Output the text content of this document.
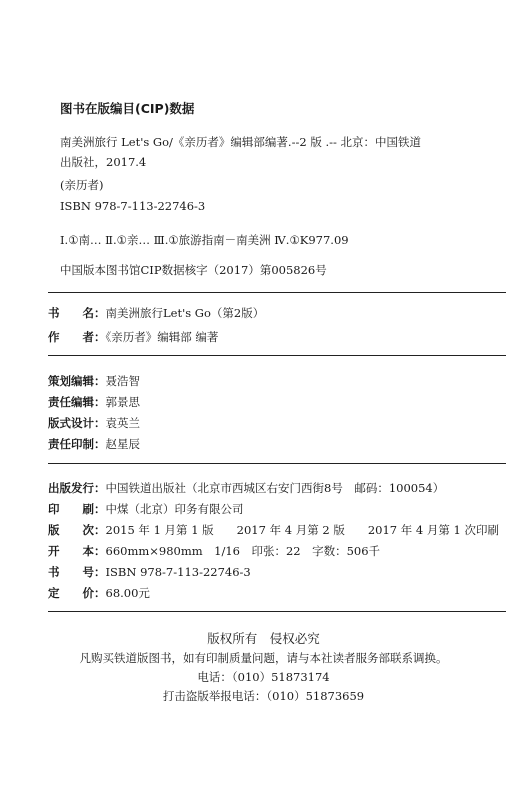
图书在版编目(CIP)数据
南美洲旅行 Let's Go/《亲历者》编辑部编著.--2 版 .-- 北京：中国铁道
出版社，2017.4
(亲历者)
ISBN 978-7-113-22746-3
Ⅰ.①南… Ⅱ.①亲… Ⅲ.①旅游指南－南美洲 Ⅳ.①K977.09
中国版本图书馆CIP数据核字（2017）第005826号
书　　名：南美洲旅行Let's Go（第2版）
作　　者：《亲历者》编辑部 编著
策划编辑：聂浩智
责任编辑：郭景思
版式设计：袁英兰
责任印制：赵星辰
出版发行：中国铁道出版社（北京市西城区右安门西街8号　邮码：100054）
印　　刷：中煤（北京）印务有限公司
版　　次：2015 年 1 月第 1 版　　2017 年 4 月第 2 版　　2017 年 4 月第 1 次印刷
开　　本：660mm×980mm　1/16　印张：22　字数：506千
书　　号：ISBN 978-7-113-22746-3
定　　价：68.00元
版权所有　侵权必究
凡购买铁道版图书，如有印制质量问题，请与本社读者服务部联系调换。
电话：（010）51873174
打击盗版举报电话：（010）51873659
